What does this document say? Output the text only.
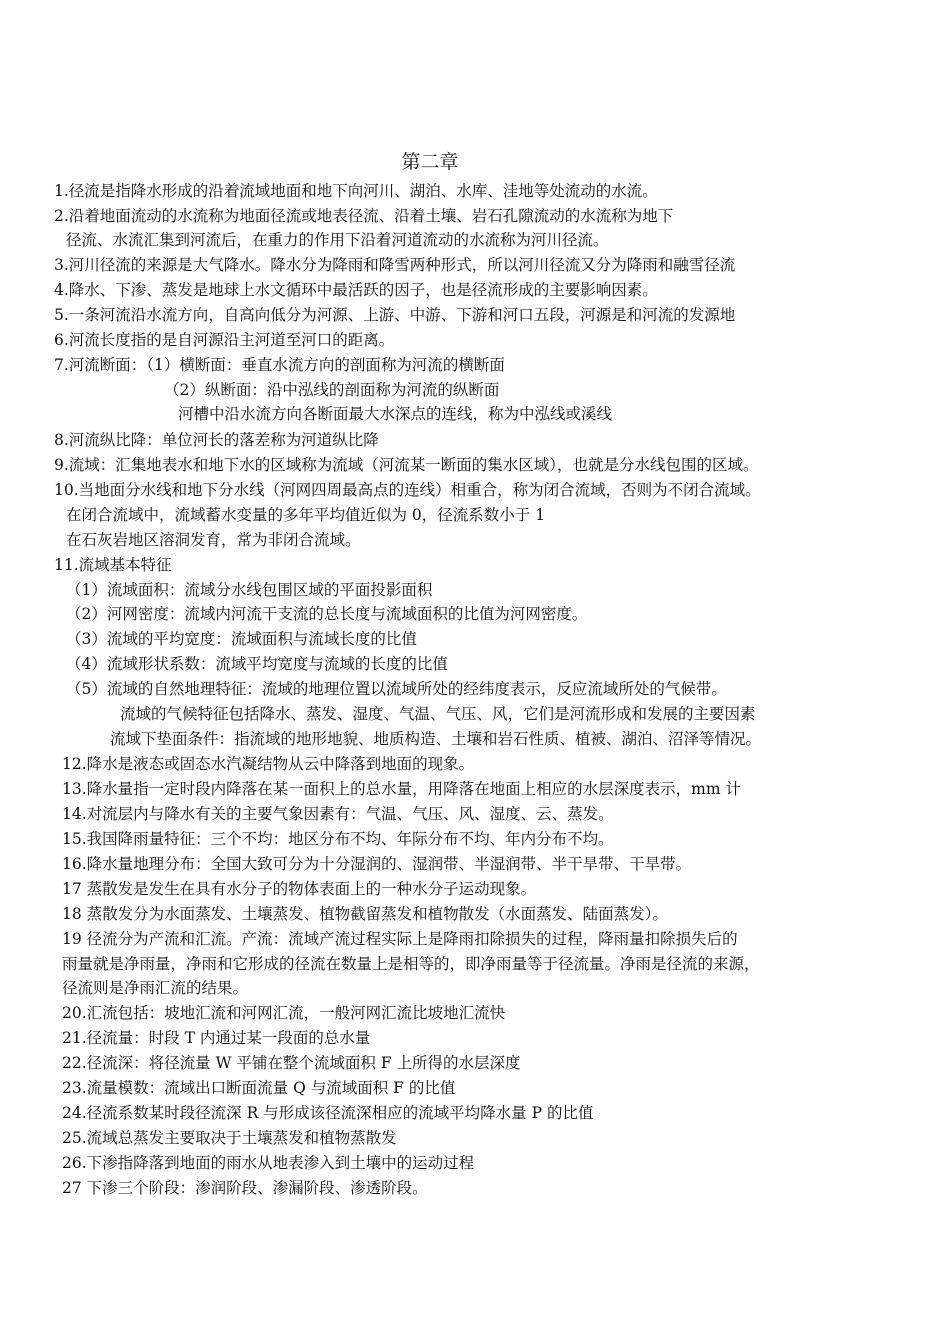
第二章
1.径流是指降水形成的沿着流域地面和地下向河川、湖泊、水库、洼地等处流动的水流。
2.沿着地面流动的水流称为地面径流或地表径流、沿着土壤、岩石孔隙流动的水流称为地下
径流、水流汇集到河流后，在重力的作用下沿着河道流动的水流称为河川径流。
3.河川径流的来源是大气降水。降水分为降雨和降雪两种形式，所以河川径流又分为降雨和融雪径流
4.降水、下渗、蒸发是地球上水文循环中最活跃的因子，也是径流形成的主要影响因素。
5.一条河流沿水流方向，自高向低分为河源、上游、中游、下游和河口五段，河源是和河流的发源地
6.河流长度指的是自河源沿主河道至河口的距离。
7.河流断面：（1）横断面：垂直水流方向的剖面称为河流的横断面
（2）纵断面：沿中泓线的剖面称为河流的纵断面
河槽中沿水流方向各断面最大水深点的连线，称为中泓线或溪线
8.河流纵比降：单位河长的落差称为河道纵比降
9.流域：汇集地表水和地下水的区域称为流域（河流某一断面的集水区域），也就是分水线包围的区域。
10.当地面分水线和地下分水线（河网四周最高点的连线）相重合，称为闭合流域，否则为不闭合流域。
在闭合流域中，流域蓄水变量的多年平均值近似为 0，径流系数小于 1
在石灰岩地区溶洞发育，常为非闭合流域。
11.流域基本特征
（1）流域面积：流域分水线包围区域的平面投影面积
（2）河网密度：流域内河流干支流的总长度与流域面积的比值为河网密度。
（3）流域的平均宽度：流域面积与流域长度的比值
（4）流域形状系数：流域平均宽度与流域的长度的比值
（5）流域的自然地理特征：流域的地理位置以流域所处的经纬度表示，反应流域所处的气候带。
流域的气候特征包括降水、蒸发、湿度、气温、气压、风，它们是河流形成和发展的主要因素
流域下垫面条件：指流域的地形地貌、地质构造、土壤和岩石性质、植被、湖泊、沼泽等情况。
12.降水是液态或固态水汽凝结物从云中降落到地面的现象。
13.降水量指一定时段内降落在某一面积上的总水量，用降落在地面上相应的水层深度表示，mm 计
14.对流层内与降水有关的主要气象因素有：气温、气压、风、湿度、云、蒸发。
15.我国降雨量特征：三个不均：地区分布不均、年际分布不均、年内分布不均。
16.降水量地理分布：全国大致可分为十分湿润的、湿润带、半湿润带、半干旱带、干旱带。
17 蒸散发是发生在具有水分子的物体表面上的一种水分子运动现象。
18 蒸散发分为水面蒸发、土壤蒸发、植物截留蒸发和植物散发（水面蒸发、陆面蒸发）。
19 径流分为产流和汇流。产流：流域产流过程实际上是降雨扣除损失的过程，降雨量扣除损失后的
雨量就是净雨量，净雨和它形成的径流在数量上是相等的，即净雨量等于径流量。净雨是径流的来源，
径流则是净雨汇流的结果。
20.汇流包括：坡地汇流和河网汇流，一般河网汇流比坡地汇流快
21.径流量：时段 T 内通过某一段面的总水量
22.径流深：将径流量 W 平铺在整个流域面积 F 上所得的水层深度
23.流量模数：流域出口断面流量 Q 与流域面积 F 的比值
24.径流系数某时段径流深 R 与形成该径流深相应的流域平均降水量 P 的比值
25.流域总蒸发主要取决于土壤蒸发和植物蒸散发
26.下渗指降落到地面的雨水从地表渗入到土壤中的运动过程
27 下渗三个阶段：渗润阶段、渗漏阶段、渗透阶段。
